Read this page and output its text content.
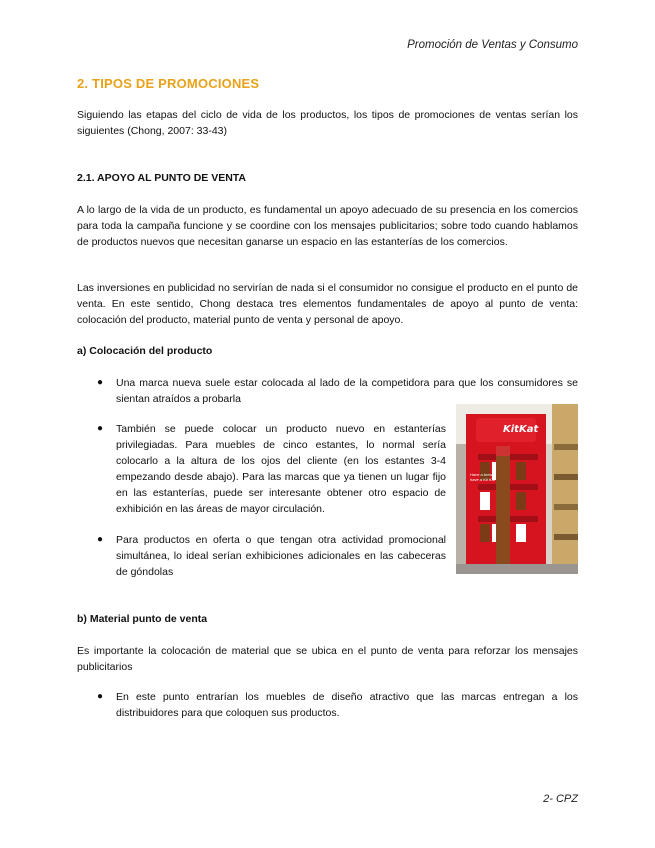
Promoción de Ventas y Consumo
2. TIPOS DE PROMOCIONES
Siguiendo las etapas del ciclo de vida de los productos, los tipos de promociones de ventas serían los siguientes (Chong, 2007: 33-43)
2.1. APOYO AL PUNTO DE VENTA
A lo largo de la vida de un producto, es fundamental un apoyo adecuado de su presencia en los comercios para toda la campaña funcione y se coordine con los mensajes publicitarios; sobre todo cuando hablamos de productos nuevos que necesitan ganarse un espacio en las estanterías de los comercios.
Las inversiones en publicidad no servirían de nada si el consumidor no consigue el producto en el punto de venta. En este sentido, Chong destaca tres elementos fundamentales de apoyo al punto de venta: colocación del producto, material punto de venta y personal de apoyo.
a) Colocación del producto
● Una marca nueva suele estar colocada al lado de la competidora para que los consumidores se sientan atraídos a probarla
● También se puede colocar un producto nuevo en estanterías privilegiadas. Para muebles de cinco estantes, lo normal sería colocarlo a la altura de los ojos del cliente (en los estantes 3-4 empezando desde abajo). Para las marcas que ya tienen un lugar fijo en las estanterías, puede ser interesante obtener otro espacio de exhibición en las áreas de mayor circulación.
● Para productos en oferta o que tengan otra actividad promocional simultánea, lo ideal serían exhibiciones adicionales en las cabeceras de góndolas
KitKat
Have a break, have a Kit Kat
b) Material punto de venta
Es importante la colocación de material que se ubica en el punto de venta para reforzar los mensajes publicitarios
● En este punto entrarían los muebles de diseño atractivo que las marcas entregan a los distribuidores para que coloquen sus productos.
2- CPZ
